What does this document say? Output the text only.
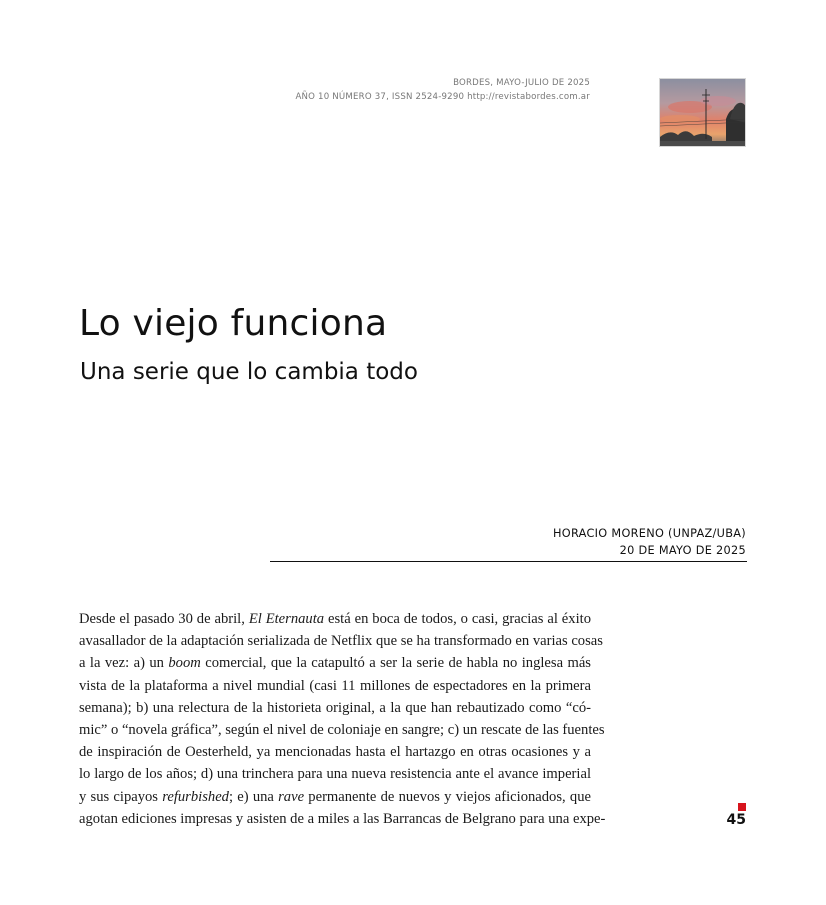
BORDES, MAYO-JULIO DE 2025
AÑO 10 NÚMERO 37, ISSN 2524-9290 http://revistabordes.com.ar
Lo viejo funciona
Una serie que lo cambia todo
HORACIO MORENO (UNPAZ/UBA)
20 DE MAYO DE 2025
Desde el pasado 30 de abril, El Eternauta está en boca de todos, o casi, gracias al éxito
avasallador de la adaptación serializada de Netflix que se ha transformado en varias cosas
a la vez: a) un boom comercial, que la catapultó a ser la serie de habla no inglesa más
vista de la plataforma a nivel mundial (casi 11 millones de espectadores en la primera
semana); b) una relectura de la historieta original, a la que han rebautizado como “có-
mic” o “novela gráfica”, según el nivel de coloniaje en sangre; c) un rescate de las fuentes
de inspiración de Oesterheld, ya mencionadas hasta el hartazgo en otras ocasiones y a
lo largo de los años; d) una trinchera para una nueva resistencia ante el avance imperial
y sus cipayos refurbished; e) una rave permanente de nuevos y viejos aficionados, que
agotan ediciones impresas y asisten de a miles a las Barrancas de Belgrano para una expe-	45
